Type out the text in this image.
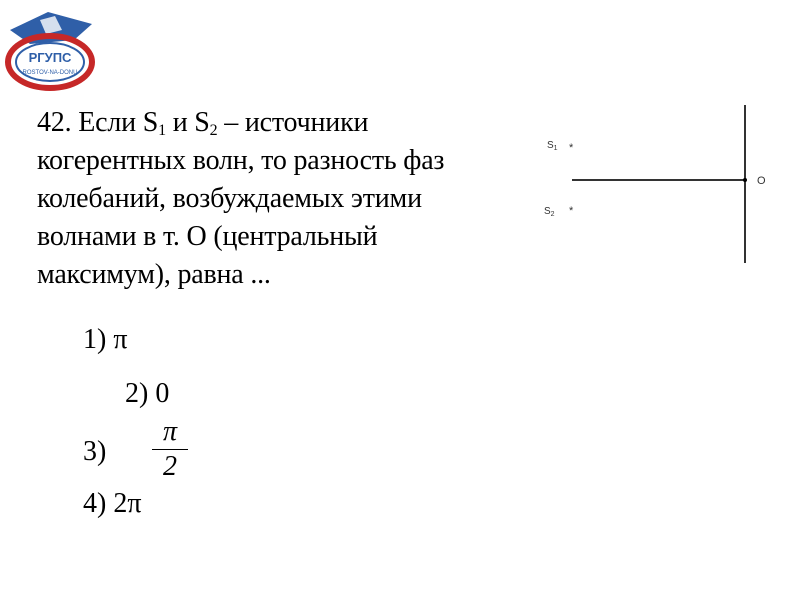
РГУПС
ROSTOV-NA-DONU
42. Если $S_1$ и $S_2$ – источники когерентных волн, то разность фаз колебаний, возбуждаемых этими волнами в т. О (центральный максимум), равна ...
1) π
2) 0
3)
π
2
4) 2π
$S_1$ *
$S_2$ *
O
